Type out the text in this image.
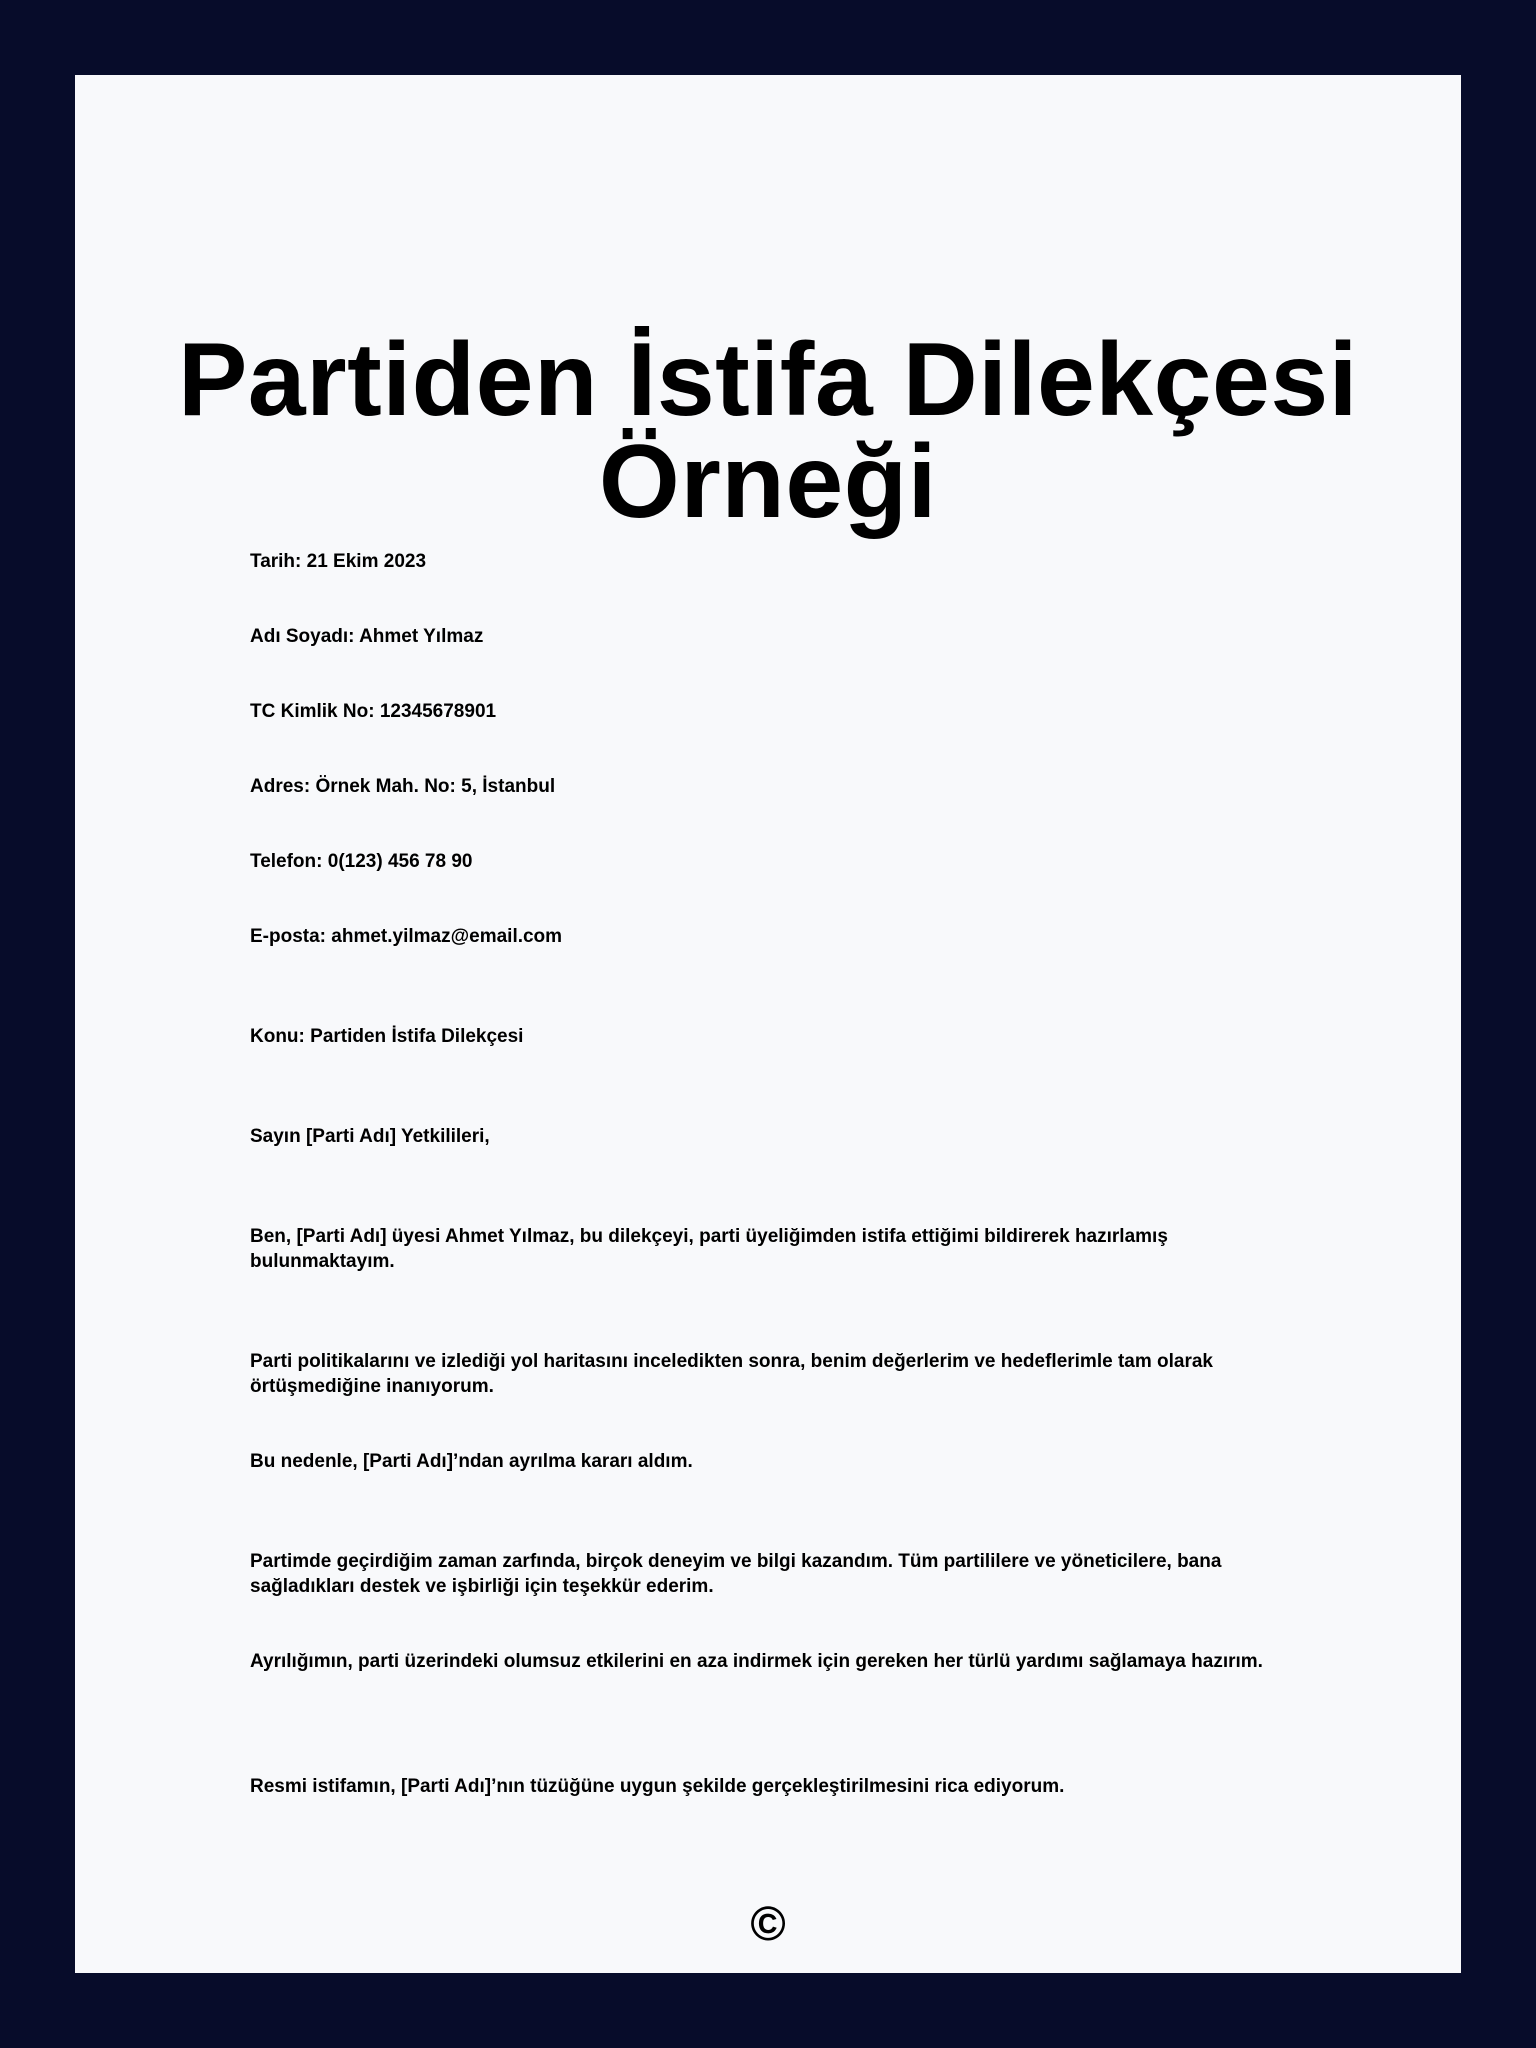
Partiden İstifa Dilekçesi Örneği

Tarih: 21 Ekim 2023

Adı Soyadı: Ahmet Yılmaz

TC Kimlik No: 12345678901

Adres: Örnek Mah. No: 5, İstanbul

Telefon: 0(123) 456 78 90

E-posta: ahmet.yilmaz@email.com

Konu: Partiden İstifa Dilekçesi

Sayın [Parti Adı] Yetkilileri,

Ben, [Parti Adı] üyesi Ahmet Yılmaz, bu dilekçeyi, parti üyeliğimden istifa ettiğimi bildirerek hazırlamış bulunmaktayım.

Parti politikalarını ve izlediği yol haritasını inceledikten sonra, benim değerlerim ve hedeflerimle tam olarak örtüşmediğine inanıyorum.

Bu nedenle, [Parti Adı]’ndan ayrılma kararı aldım.

Partimde geçirdiğim zaman zarfında, birçok deneyim ve bilgi kazandım. Tüm partililere ve yöneticilere, bana sağladıkları destek ve işbirliği için teşekkür ederim.

Ayrılığımın, parti üzerindeki olumsuz etkilerini en aza indirmek için gereken her türlü yardımı sağlamaya hazırım.

Resmi istifamın, [Parti Adı]’nın tüzüğüne uygun şekilde gerçekleştirilmesini rica ediyorum.

©
